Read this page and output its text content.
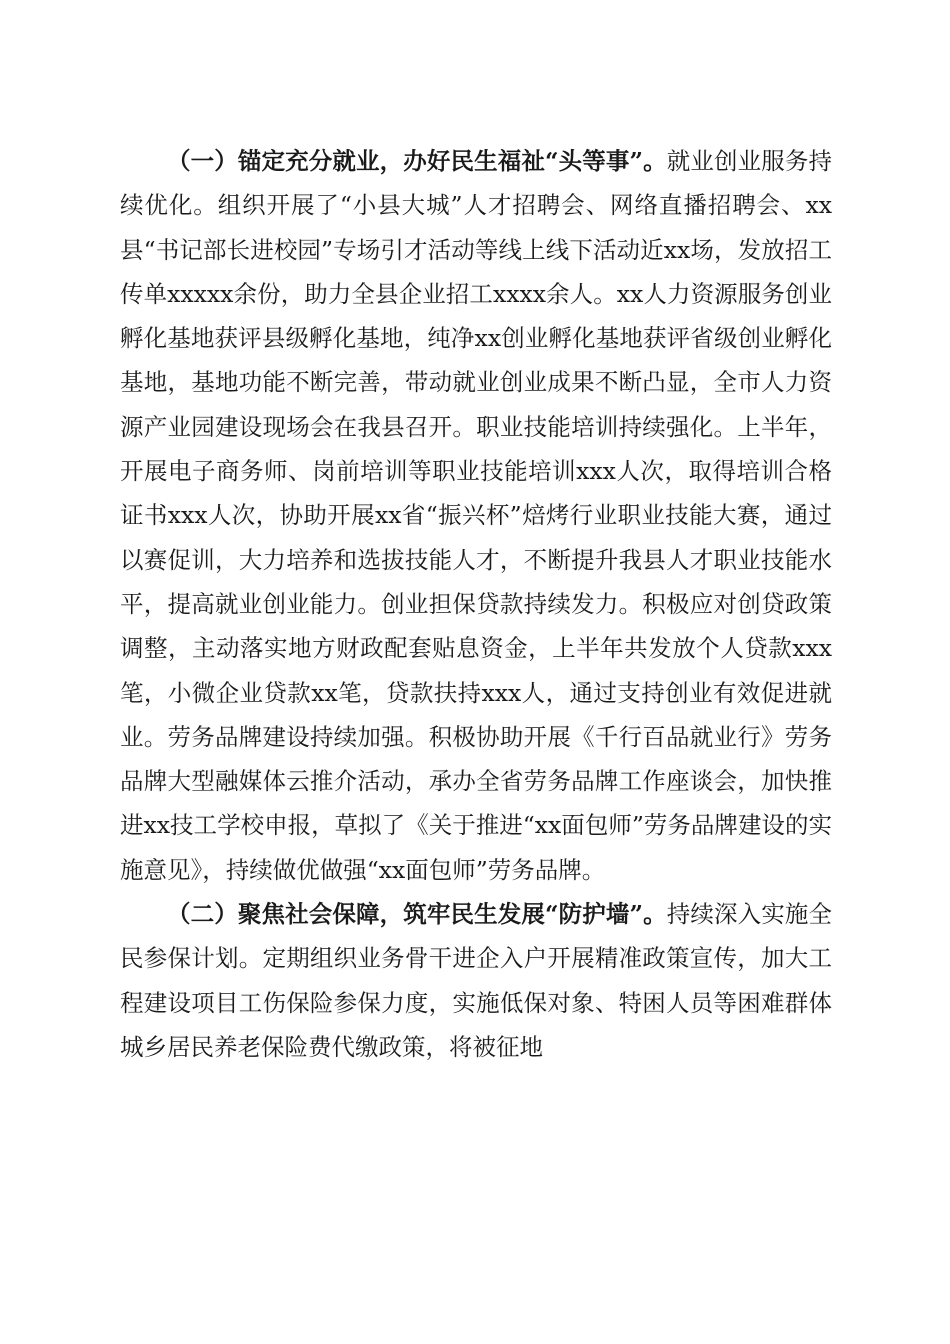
（一）锚定充分就业，办好民生福祉“头等事”。就业创业服务持续优化。组织开展了“小县大城”人才招聘会、网络直播招聘会、xx县“书记部长进校园”专场引才活动等线上线下活动近xx场，发放招工传单xxxxx余份，助力全县企业招工xxxx余人。xx人力资源服务创业孵化基地获评县级孵化基地，纯净xx创业孵化基地获评省级创业孵化基地，基地功能不断完善，带动就业创业成果不断凸显，全市人力资源产业园建设现场会在我县召开。职业技能培训持续强化。上半年，开展电子商务师、岗前培训等职业技能培训xxx人次，取得培训合格证书xxx人次，协助开展xx省“振兴杯”焙烤行业职业技能大赛，通过以赛促训，大力培养和选拔技能人才，不断提升我县人才职业技能水平，提高就业创业能力。创业担保贷款持续发力。积极应对创贷政策调整，主动落实地方财政配套贴息资金，上半年共发放个人贷款xxx笔，小微企业贷款xx笔，贷款扶持xxx人，通过支持创业有效促进就业。劳务品牌建设持续加强。积极协助开展《千行百品就业行》劳务品牌大型融媒体云推介活动，承办全省劳务品牌工作座谈会，加快推进xx技工学校申报，草拟了《关于推进“xx面包师”劳务品牌建设的实施意见》，持续做优做强“xx面包师”劳务品牌。

（二）聚焦社会保障，筑牢民生发展“防护墙”。持续深入实施全民参保计划。定期组织业务骨干进企入户开展精准政策宣传，加大工程建设项目工伤保险参保力度，实施低保对象、特困人员等困难群体城乡居民养老保险费代缴政策，将被征地
